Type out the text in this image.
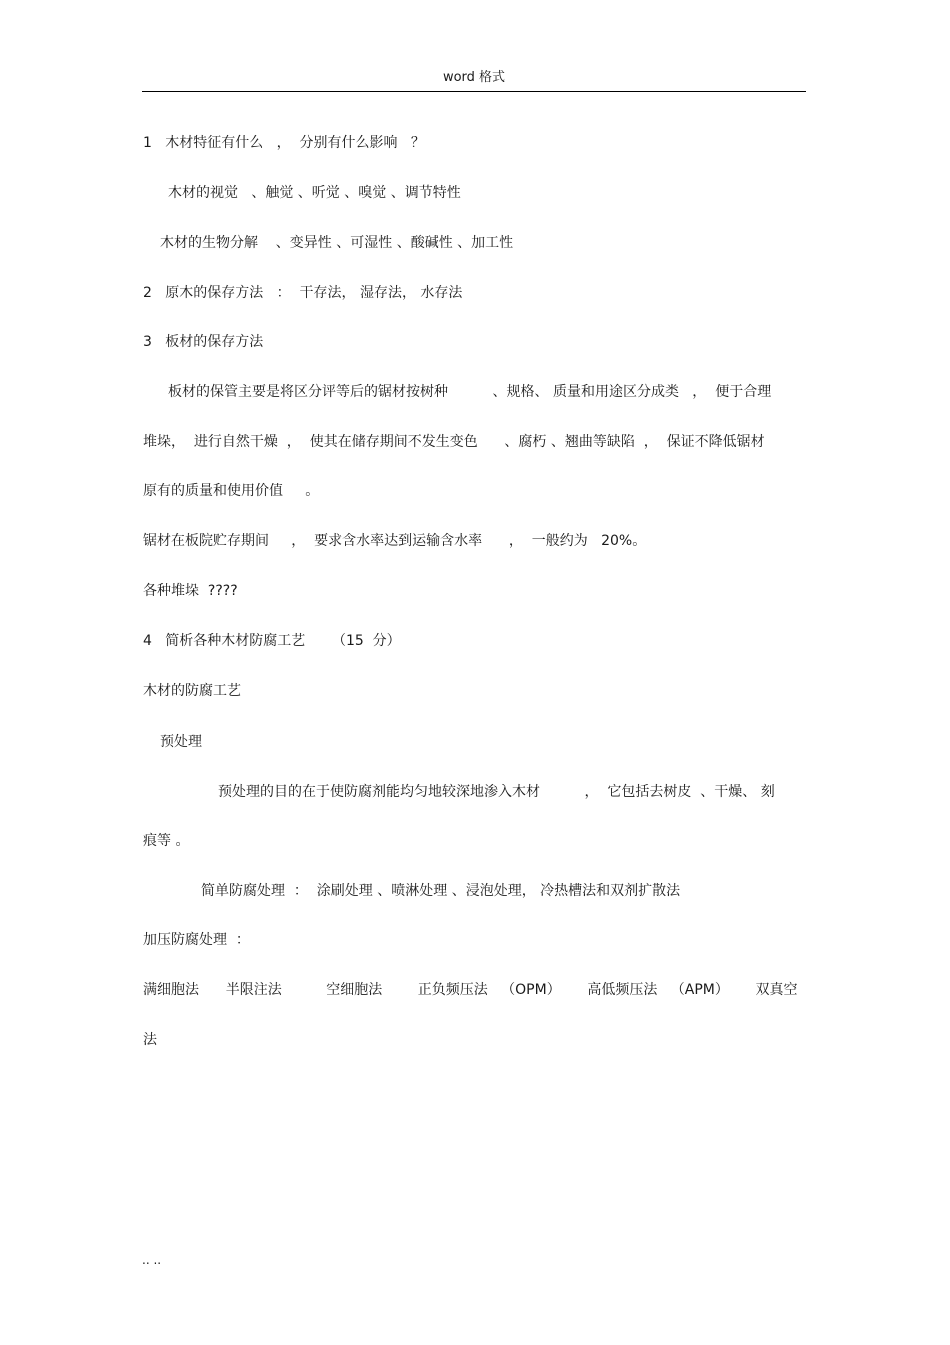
word 格式
1   木材特征有什么   ，  分别有什么影响   ？
木材的视觉   、触觉 、听觉 、嗅觉 、调节特性
木材的生物分解    、变异性 、可湿性 、酸碱性 、加工性
2   原木的保存方法   ：  干存法， 湿存法， 水存法
3   板材的保存方法
板材的保管主要是将区分评等后的锯材按树种          、规格、 质量和用途区分成类   ，  便于合理
堆垛，  进行自然干燥  ，  使其在储存期间不发生变色      、腐朽 、翘曲等缺陷  ，  保证不降低锯材
原有的质量和使用价值     。
锯材在板院贮存期间     ，  要求含水率达到运输含水率      ，  一般约为   20%。
各种堆垛  ????
4   简析各种木材防腐工艺      （15  分）
木材的防腐工艺
预处理
预处理的目的在于使防腐剂能均匀地较深地渗入木材          ，  它包括去树皮  、干燥、 刻
痕等 。
简单防腐处理  ：  涂刷处理 、喷淋处理 、浸泡处理， 冷热槽法和双剂扩散法
加压防腐处理  ：
满细胞法      半限注法          空细胞法        正负频压法   （OPM）      高低频压法   （APM）      双真空
法
.. ..
